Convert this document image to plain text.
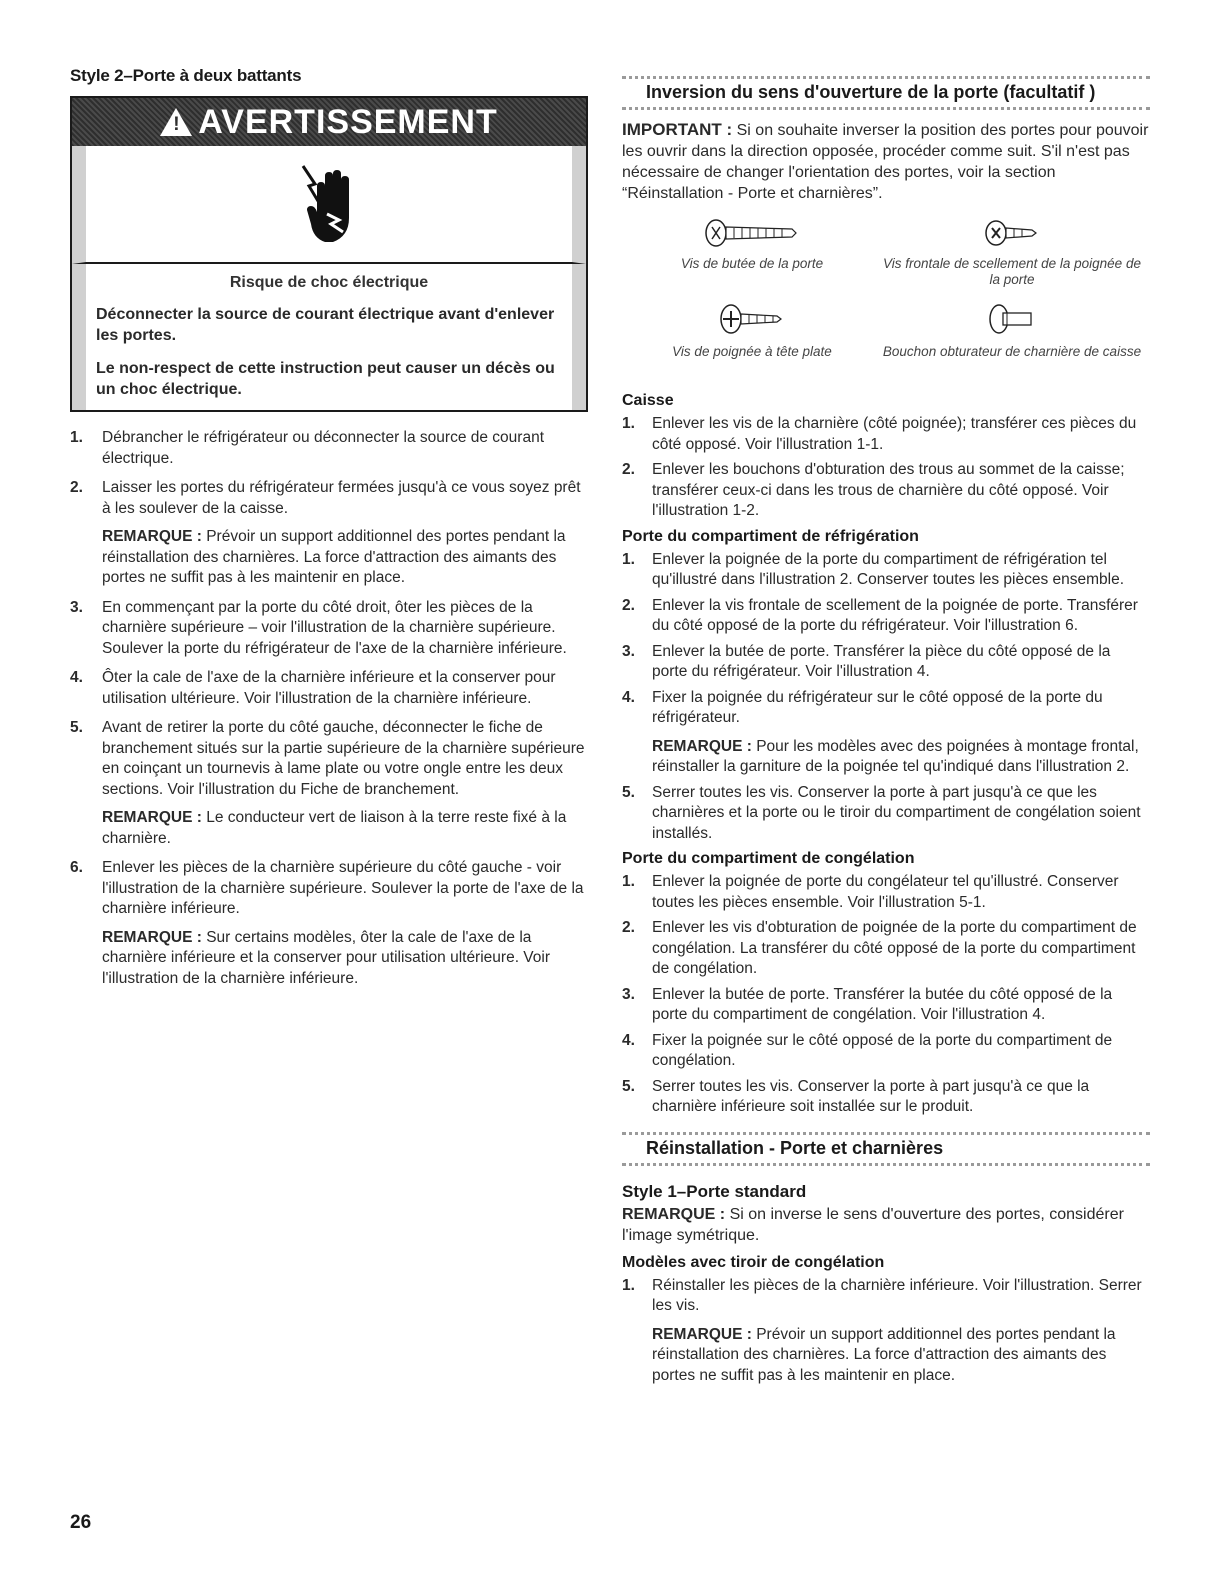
Style 2–Porte à deux battants
!
AVERTISSEMENT
Risque de choc électrique
Déconnecter la source de courant électrique avant d'enlever les portes.
Le non-respect de cette instruction peut causer un décès ou un choc électrique.
1.	Débrancher le réfrigérateur ou déconnecter la source de courant électrique.
2.	Laisser les portes du réfrigérateur fermées jusqu'à ce vous soyez prêt à les soulever de la caisse.
REMARQUE : Prévoir un support additionnel des portes pendant la réinstallation des charnières. La force d'attraction des aimants des portes ne suffit pas à les maintenir en place.
3.	En commençant par la porte du côté droit, ôter les pièces de la charnière supérieure – voir l'illustration de la charnière supérieure. Soulever la porte du réfrigérateur de l'axe de la charnière inférieure.
4.	Ôter la cale de l'axe de la charnière inférieure et la conserver pour utilisation ultérieure. Voir l'illustration de la charnière inférieure.
5.	Avant de retirer la porte du côté gauche, déconnecter le fiche de branchement situés sur la partie supérieure de la charnière supérieure en coinçant un tournevis à lame plate ou votre ongle entre les deux sections. Voir l'illustration du Fiche de branchement.
REMARQUE : Le conducteur vert de liaison à la terre reste fixé à la charnière.
6.	Enlever les pièces de la charnière supérieure du côté gauche - voir l'illustration de la charnière supérieure. Soulever la porte de l'axe de la charnière inférieure.
REMARQUE : Sur certains modèles, ôter la cale de l'axe de la charnière inférieure et la conserver pour utilisation ultérieure. Voir l'illustration de la charnière inférieure.
Inversion du sens d'ouverture de la porte (facultatif )
IMPORTANT : Si on souhaite inverser la position des portes pour pouvoir les ouvrir dans la direction opposée, procéder comme suit. S'il n'est pas nécessaire de changer l'orientation des portes, voir la section “Réinstallation - Porte et charnières”.
Vis de butée de la porte	Vis frontale de scellement de la poignée de la porte
Vis de poignée à tête plate	Bouchon obturateur de charnière de caisse
Caisse
1.	Enlever les vis de la charnière (côté poignée); transférer ces pièces du côté opposé. Voir l'illustration 1-1.
2.	Enlever les bouchons d'obturation des trous au sommet de la caisse; transférer ceux-ci dans les trous de charnière du côté opposé. Voir l'illustration 1-2.
Porte du compartiment de réfrigération
1.	Enlever la poignée de la porte du compartiment de réfrigération tel qu'illustré dans l'illustration 2. Conserver toutes les pièces ensemble.
2.	Enlever la vis frontale de scellement de la poignée de porte. Transférer du côté opposé de la porte du réfrigérateur. Voir l'illustration 6.
3.	Enlever la butée de porte. Transférer la pièce du côté opposé de la porte du réfrigérateur. Voir l'illustration 4.
4.	Fixer la poignée du réfrigérateur sur le côté opposé de la porte du réfrigérateur.
REMARQUE : Pour les modèles avec des poignées à montage frontal, réinstaller la garniture de la poignée tel qu'indiqué dans l'illustration 2.
5.	Serrer toutes les vis. Conserver la porte à part jusqu'à ce que les charnières et la porte ou le tiroir du compartiment de congélation soient installés.
Porte du compartiment de congélation
1.	Enlever la poignée de porte du congélateur tel qu'illustré. Conserver toutes les pièces ensemble. Voir l'illustration 5-1.
2.	Enlever les vis d'obturation de poignée de la porte du compartiment de congélation. La transférer du côté opposé de la porte du compartiment de congélation.
3.	Enlever la butée de porte. Transférer la butée du côté opposé de la porte du compartiment de congélation. Voir l'illustration 4.
4.	Fixer la poignée sur le côté opposé de la porte du compartiment de congélation.
5.	Serrer toutes les vis. Conserver la porte à part jusqu'à ce que la charnière inférieure soit installée sur le produit.
Réinstallation - Porte et charnières
Style 1–Porte standard
REMARQUE : Si on inverse le sens d'ouverture des portes, considérer l'image symétrique.
Modèles avec tiroir de congélation
1.	Réinstaller les pièces de la charnière inférieure. Voir l'illustration. Serrer les vis.
REMARQUE : Prévoir un support additionnel des portes pendant la réinstallation des charnières. La force d'attraction des aimants des portes ne suffit pas à les maintenir en place.
26
